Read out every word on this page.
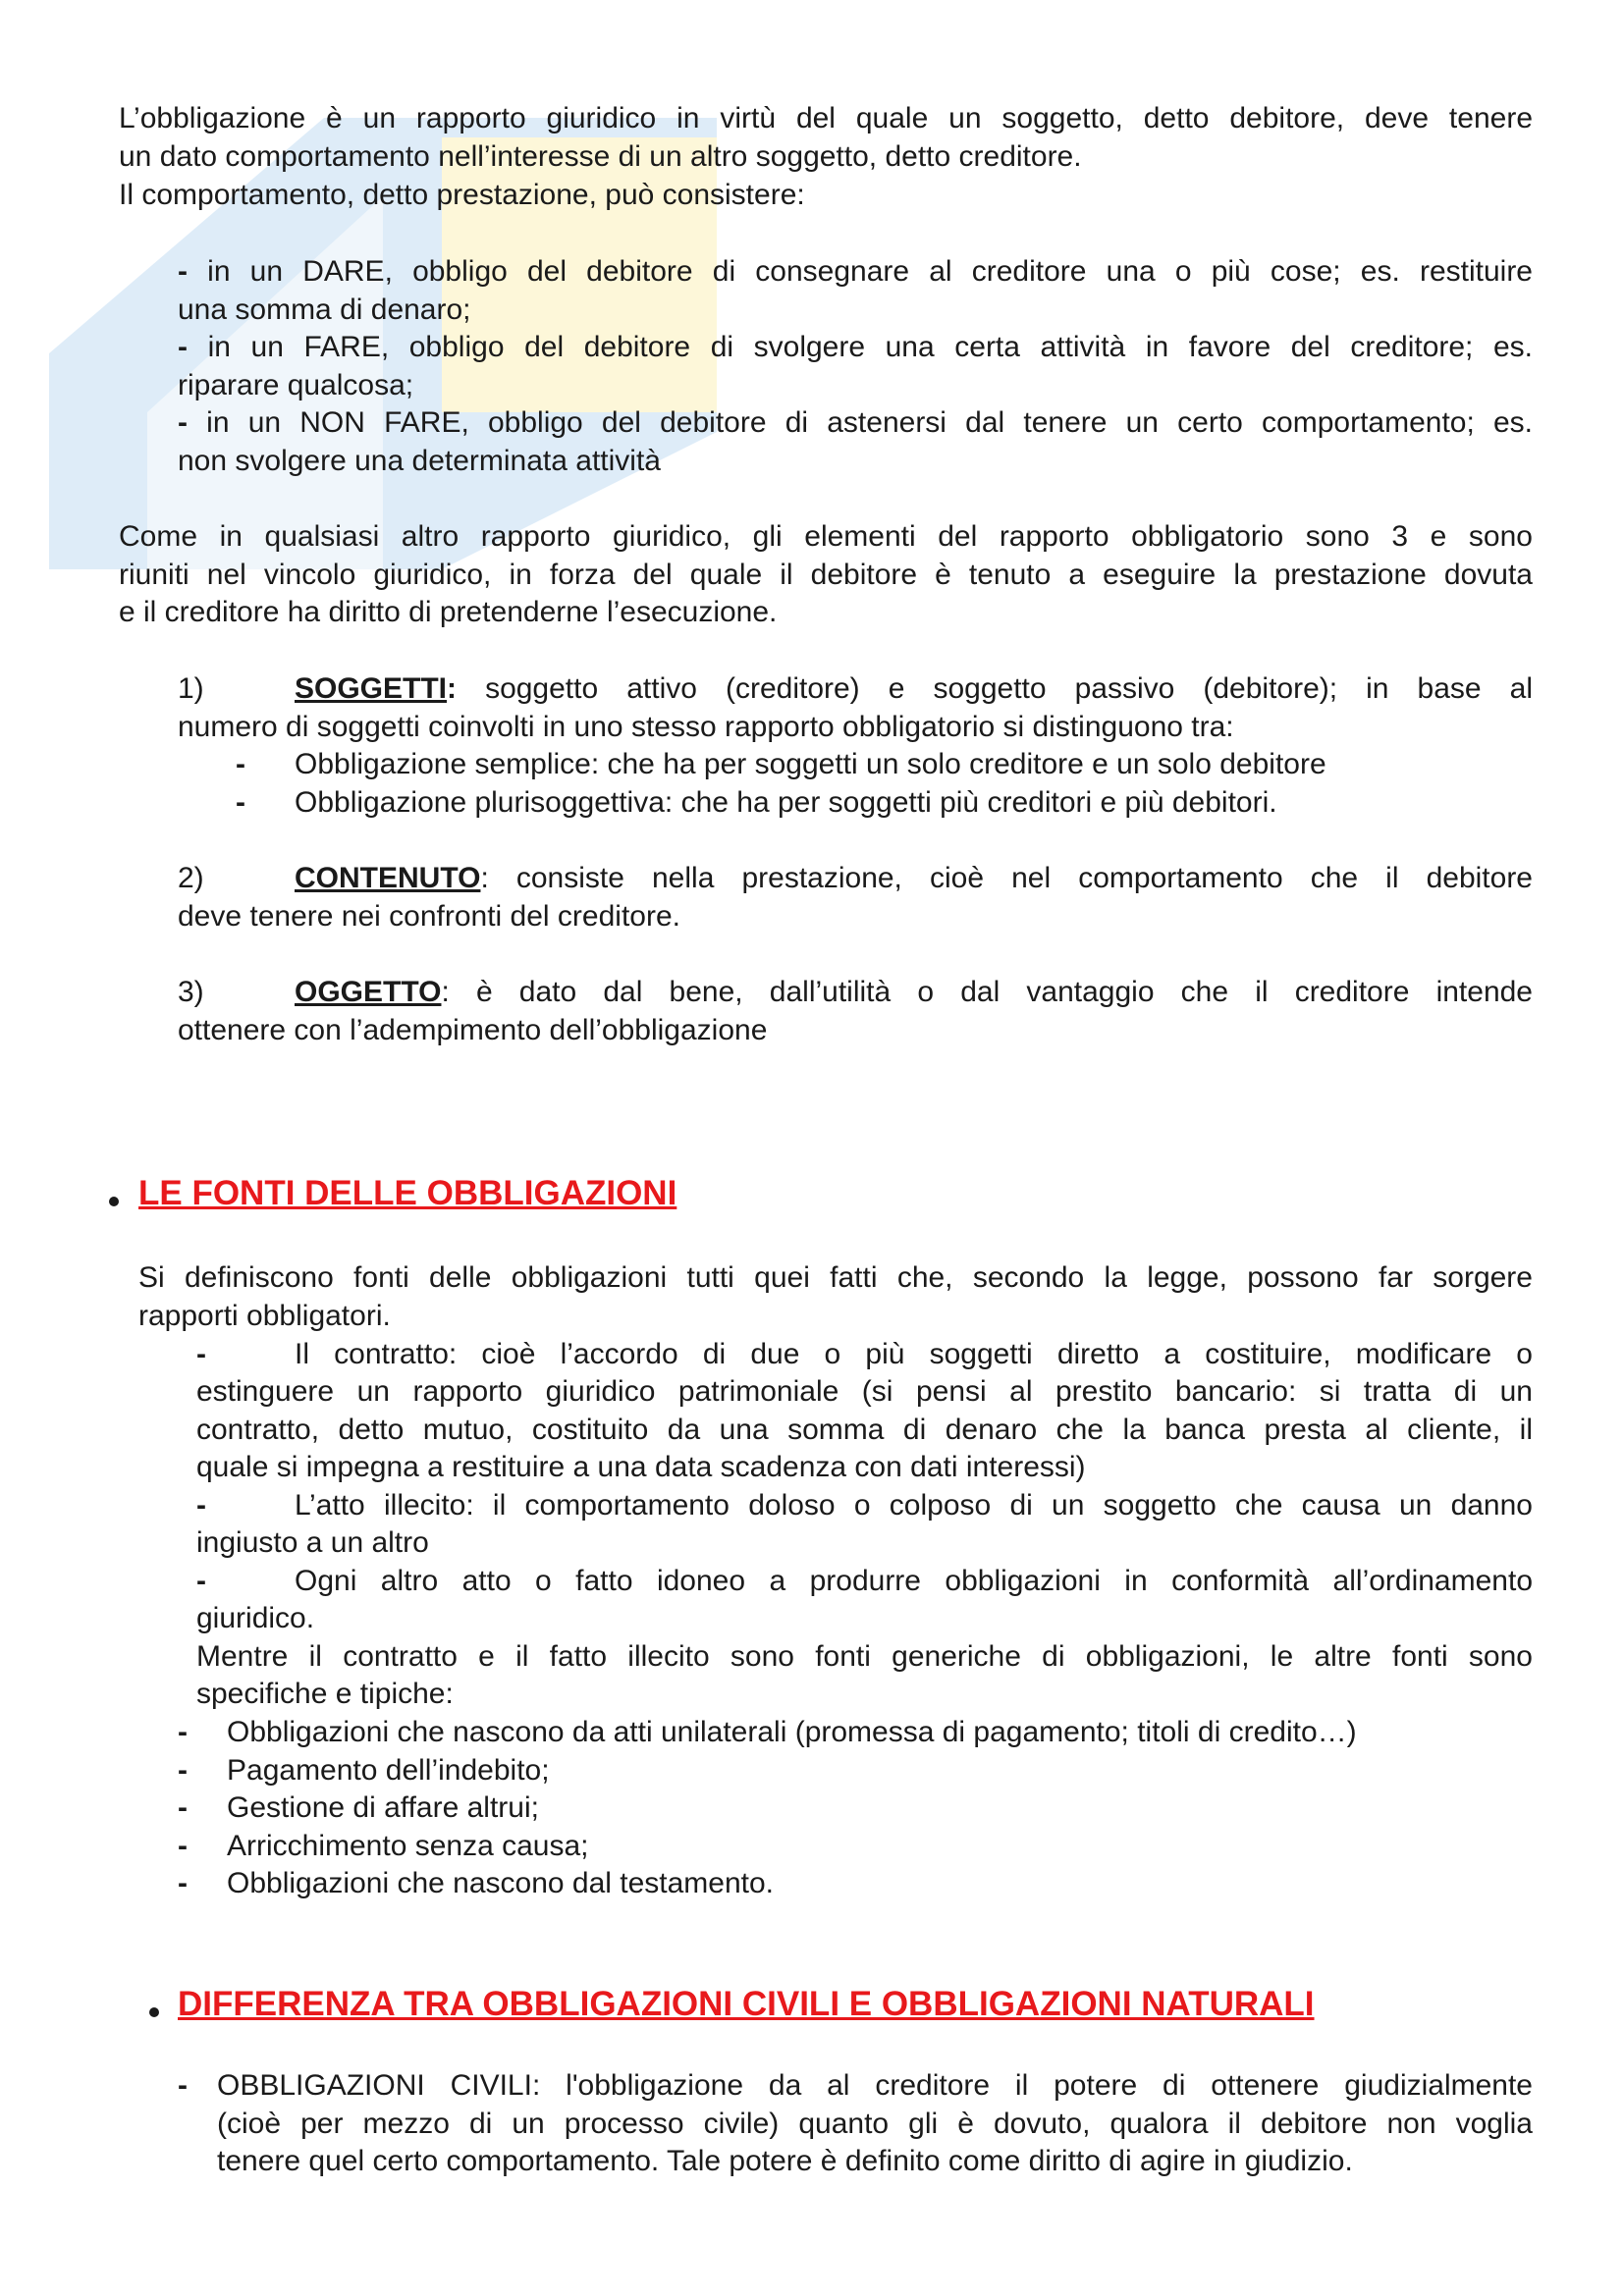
L’obbligazione è un rapporto giuridico in virtù del quale un soggetto, detto debitore, deve tenere

un dato comportamento nell’interesse di un altro soggetto, detto creditore.

Il comportamento, detto prestazione, può consistere:

- in un DARE, obbligo del debitore di consegnare al creditore una o più cose; es. restituire

una somma di denaro;

- in un FARE, obbligo del debitore di svolgere una certa attività in favore del creditore; es.

riparare qualcosa;

- in un NON FARE, obbligo del debitore di astenersi dal tenere un certo comportamento; es.

non svolgere una determinata attività

Come in qualsiasi altro rapporto giuridico, gli elementi del rapporto obbligatorio sono 3 e sono

riuniti nel vincolo giuridico, in forza del quale il debitore è tenuto a eseguire la prestazione dovuta

e il creditore ha diritto di pretenderne l’esecuzione.

1)	SOGGETTI: soggetto attivo (creditore) e soggetto passivo (debitore); in base al

numero di soggetti coinvolti in uno stesso rapporto obbligatorio si distinguono tra:

- Obbligazione semplice: che ha per soggetti un solo creditore e un solo debitore

- Obbligazione plurisoggettiva: che ha per soggetti più creditori e più debitori.

2)	CONTENUTO: consiste nella prestazione, cioè nel comportamento che il debitore

deve tenere nei confronti del creditore.

3)	OGGETTO: è dato dal bene, dall’utilità o dal vantaggio che il creditore intende

ottenere con l’adempimento dell’obbligazione

LE FONTI DELLE OBBLIGAZIONI

Si definiscono fonti delle obbligazioni tutti quei fatti che, secondo la legge, possono far sorgere

rapporti obbligatori.

-	Il contratto: cioè l’accordo di due o più soggetti diretto a costituire, modificare o

estinguere un rapporto giuridico patrimoniale (si pensi al prestito bancario: si tratta di un

contratto, detto mutuo, costituito da una somma di denaro che la banca presta al cliente, il

quale si impegna a restituire a una data scadenza con dati interessi)

-	L’atto illecito: il comportamento doloso o colposo di un soggetto che causa un danno

ingiusto a un altro

-	Ogni altro atto o fatto idoneo a produrre obbligazioni in conformità all’ordinamento

giuridico.

Mentre il contratto e il fatto illecito sono fonti generiche di obbligazioni, le altre fonti sono

specifiche e tipiche:

- Obbligazioni che nascono da atti unilaterali (promessa di pagamento; titoli di credito…)

- Pagamento dell’indebito;

- Gestione di affare altrui;

- Arricchimento senza causa;

- Obbligazioni che nascono dal testamento.

DIFFERENZA TRA OBBLIGAZIONI CIVILI E OBBLIGAZIONI NATURALI

- OBBLIGAZIONI CIVILI: l'obbligazione da al creditore il potere di ottenere giudizialmente

(cioè per mezzo di un processo civile) quanto gli è dovuto, qualora il debitore non voglia

tenere quel certo comportamento. Tale potere è definito come diritto di agire in giudizio.
